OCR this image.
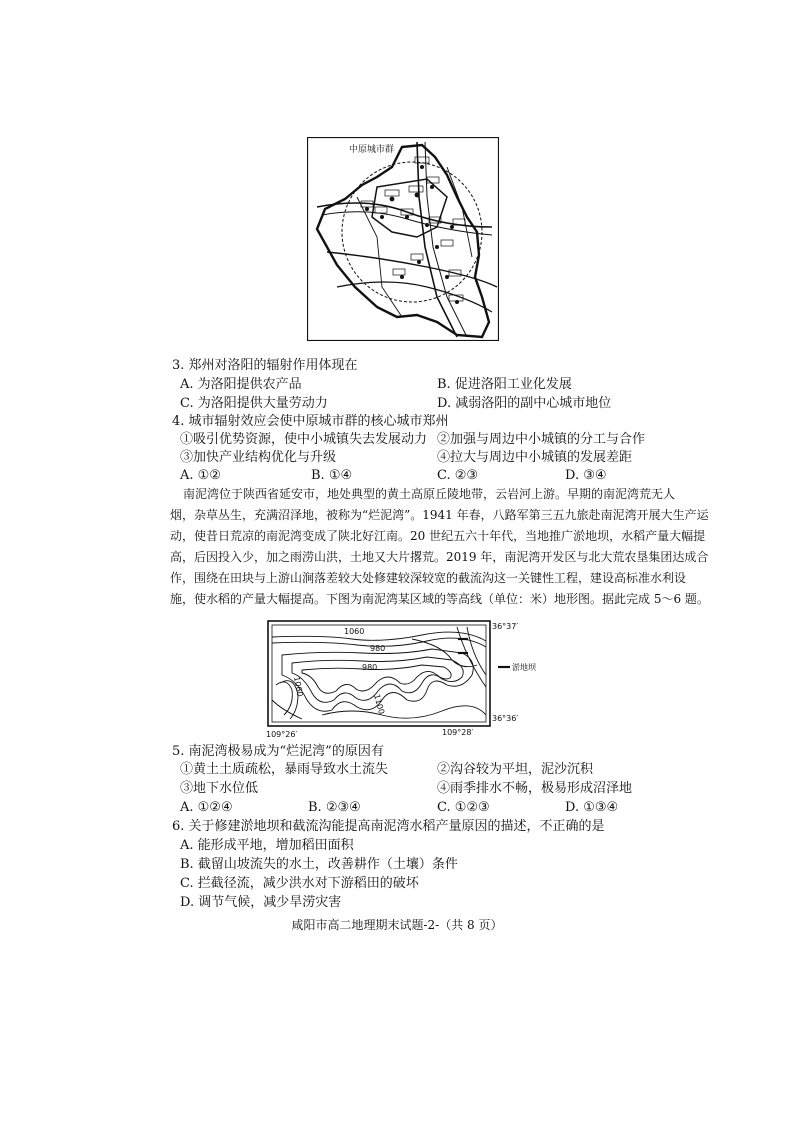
中原城市群
3. 郑州对洛阳的辐射作用体现在
A. 为洛阳提供农产品	B. 促进洛阳工业化发展
C. 为洛阳提供大量劳动力	D. 减弱洛阳的副中心城市地位
4. 城市辐射效应会使中原城市群的核心城市郑州
①吸引优势资源，使中小城镇失去发展动力 ②加强与周边中小城镇的分工与合作
③加快产业结构优化与升级	④拉大与周边中小城镇的发展差距
A. ①②	B. ①④	C. ②③	D. ③④
南泥湾位于陕西省延安市，地处典型的黄土高原丘陵地带，云岩河上游。早期的南泥湾荒无人
烟，杂草丛生，充满沼泽地，被称为“烂泥湾”。1941 年春，八路军第三五九旅赴南泥湾开展大生产运
动，使昔日荒凉的南泥湾变成了陕北好江南。20 世纪五六十年代，当地推广淤地坝，水稻产量大幅提
高，后因投入少，加之雨涝山洪，土地又大片撂荒。2019 年，南泥湾开发区与北大荒农垦集团达成合
作，围绕在田块与上游山涧落差较大处修建较深较宽的截流沟这一关键性工程，建设高标准水利设
施，使水稻的产量大幅提高。下图为南泥湾某区域的等高线（单位：米）地形图。据此完成 5～6 题。
1060
980
980
1060
1100
36°37′
36°36′
109°26′	109°28′
淤地坝
5. 南泥湾极易成为“烂泥湾”的原因有
①黄土土质疏松，暴雨导致水土流失	②沟谷较为平坦，泥沙沉积
③地下水位低	④雨季排水不畅，极易形成沼泽地
A. ①②④	B. ②③④	C. ①②③	D. ①③④
6. 关于修建淤地坝和截流沟能提高南泥湾水稻产量原因的描述，不正确的是
A. 能形成平地，增加稻田面积
B. 截留山坡流失的水土，改善耕作（土壤）条件
C. 拦截径流，减少洪水对下游稻田的破坏
D. 调节气候，减少旱涝灾害
咸阳市高二地理期末试题-2-（共 8 页）
